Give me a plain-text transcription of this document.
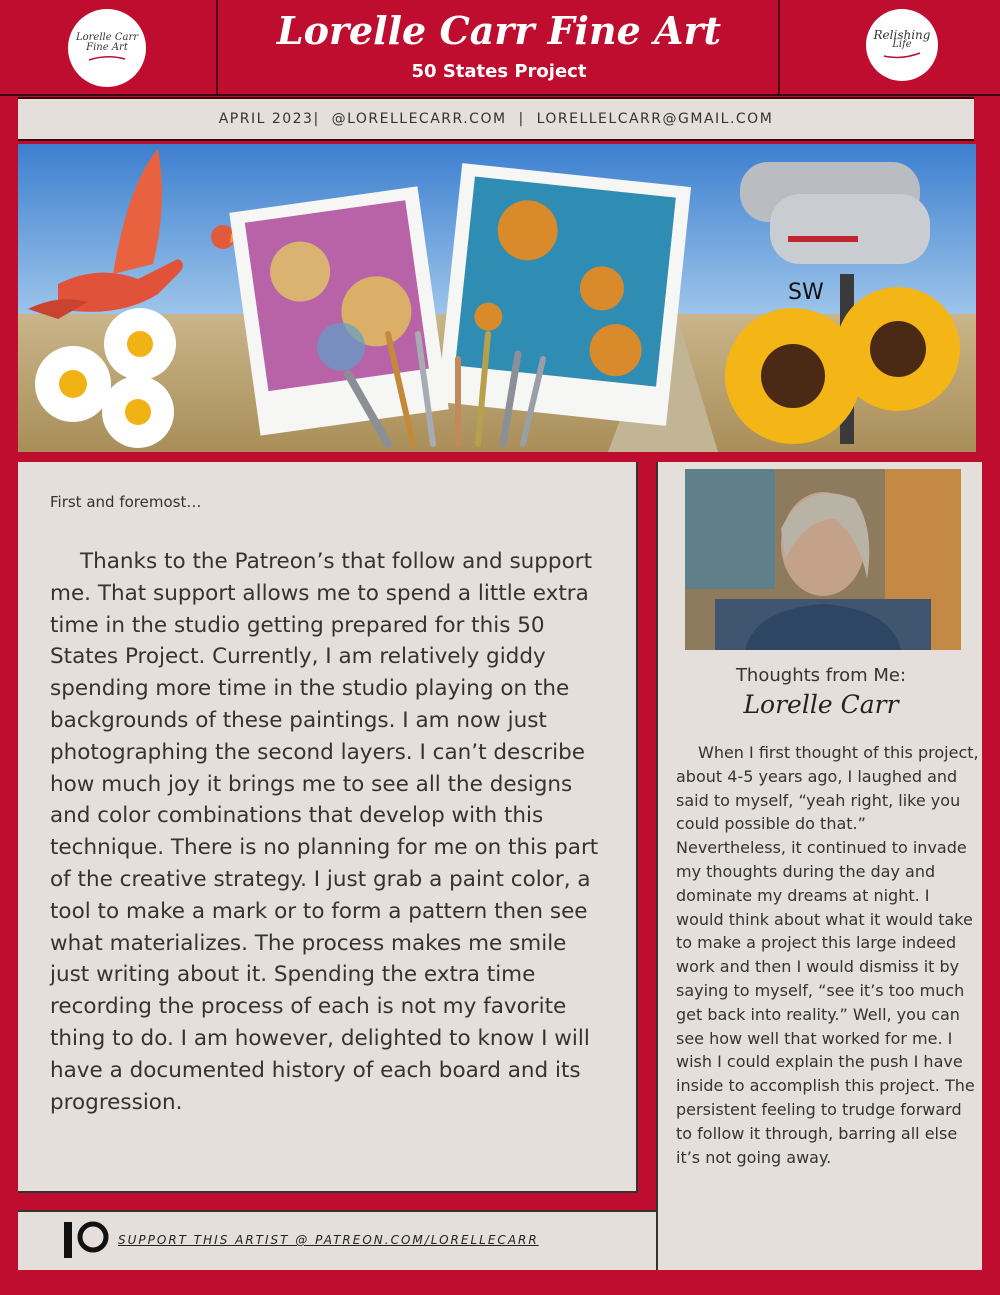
Lorelle Carr
Fine Art	Lorelle Carr Fine Art
50 States Project
Relishing
Life
APRIL 2023|  @LORELLECARR.COM  |  LORELLELCARR@GMAIL.COM
SW
First and foremost…
Thanks to the Patreon’s that follow and support me. That support allows me to spend a little extra time in the studio getting prepared for this 50 States Project. Currently, I am relatively giddy spending more time in the studio playing on the backgrounds of these paintings. I am now just photographing the second layers. I can’t describe how much joy it brings me to see all the designs and color combinations that develop with this technique. There is no planning for me on this part of the creative strategy. I just grab a paint color, a tool to make a mark or to form a pattern then see what materializes. The process makes me smile just writing about it. Spending the extra time recording the process of each is not my favorite thing to do. I am however, delighted to know I will have a documented history of each board and its progression.
Thoughts from Me:
Lorelle Carr
When I first thought of this project, about 4-5 years ago, I laughed and said to myself, “yeah right, like you could possible do that.” Nevertheless, it continued to invade my thoughts during the day and dominate my dreams at night. I would think about what it would take to make a project this large indeed work and then I would dismiss it by saying to myself, “see it’s too much get back into reality.” Well, you can see how well that worked for me. I wish I could explain the push I have inside to accomplish this project. The persistent feeling to trudge forward to follow it through, barring all else it’s not going away.
SUPPORT THIS ARTIST @ PATREON.COM/LORELLECARR
